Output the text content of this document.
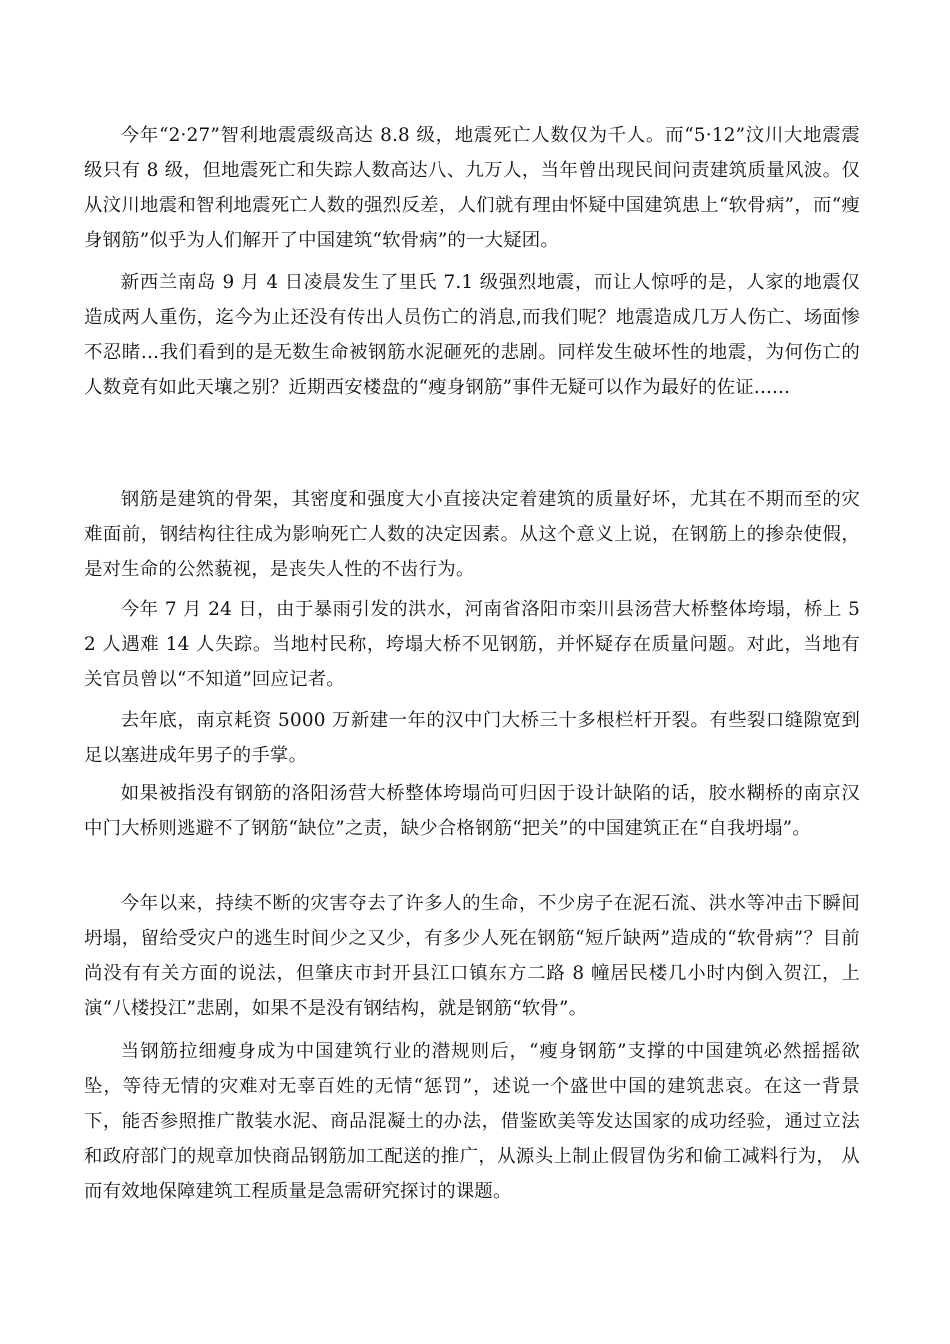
今年“2·27”智利地震震级高达 8.8 级，地震死亡人数仅为千人。而“5·12”汶川大地震震级只有 8 级，但地震死亡和失踪人数高达八、九万人，当年曾出现民间问责建筑质量风波。仅从汶川地震和智利地震死亡人数的强烈反差，人们就有理由怀疑中国建筑患上“软骨病”，而“瘦身钢筋”似乎为人们解开了中国建筑“软骨病”的一大疑团。

新西兰南岛 9 月 4 日凌晨发生了里氏 7.1 级强烈地震，而让人惊呼的是，人家的地震仅造成两人重伤，迄今为止还没有传出人员伤亡的消息,而我们呢？地震造成几万人伤亡、场面惨不忍睹…我们看到的是无数生命被钢筋水泥砸死的悲剧。同样发生破坏性的地震，为何伤亡的人数竟有如此天壤之别？近期西安楼盘的“瘦身钢筋”事件无疑可以作为最好的佐证......

钢筋是建筑的骨架，其密度和强度大小直接决定着建筑的质量好坏，尤其在不期而至的灾难面前，钢结构往往成为影响死亡人数的决定因素。从这个意义上说，在钢筋上的掺杂使假，是对生命的公然藐视，是丧失人性的不齿行为。

今年 7 月 24 日，由于暴雨引发的洪水，河南省洛阳市栾川县汤营大桥整体垮塌，桥上 52 人遇难 14 人失踪。当地村民称，垮塌大桥不见钢筋，并怀疑存在质量问题。对此，当地有关官员曾以“不知道”回应记者。

去年底，南京耗资 5000 万新建一年的汉中门大桥三十多根栏杆开裂。有些裂口缝隙宽到足以塞进成年男子的手掌。

如果被指没有钢筋的洛阳汤营大桥整体垮塌尚可归因于设计缺陷的话，胶水糊桥的南京汉中门大桥则逃避不了钢筋“缺位”之责，缺少合格钢筋“把关”的中国建筑正在“自我坍塌”。

今年以来，持续不断的灾害夺去了许多人的生命，不少房子在泥石流、洪水等冲击下瞬间坍塌，留给受灾户的逃生时间少之又少，有多少人死在钢筋“短斤缺两”造成的“软骨病”？目前尚没有有关方面的说法，但肇庆市封开县江口镇东方二路 8 幢居民楼几小时内倒入贺江，上演“八楼投江”悲剧，如果不是没有钢结构，就是钢筋“软骨”。

当钢筋拉细瘦身成为中国建筑行业的潜规则后，“瘦身钢筋”支撑的中国建筑必然摇摇欲坠，等待无情的灾难对无辜百姓的无情“惩罚”，述说一个盛世中国的建筑悲哀。在这一背景下，能否参照推广散装水泥、商品混凝土的办法，借鉴欧美等发达国家的成功经验，通过立法和政府部门的规章加快商品钢筋加工配送的推广，从源头上制止假冒伪劣和偷工减料行为， 从而有效地保障建筑工程质量是急需研究探讨的课题。
